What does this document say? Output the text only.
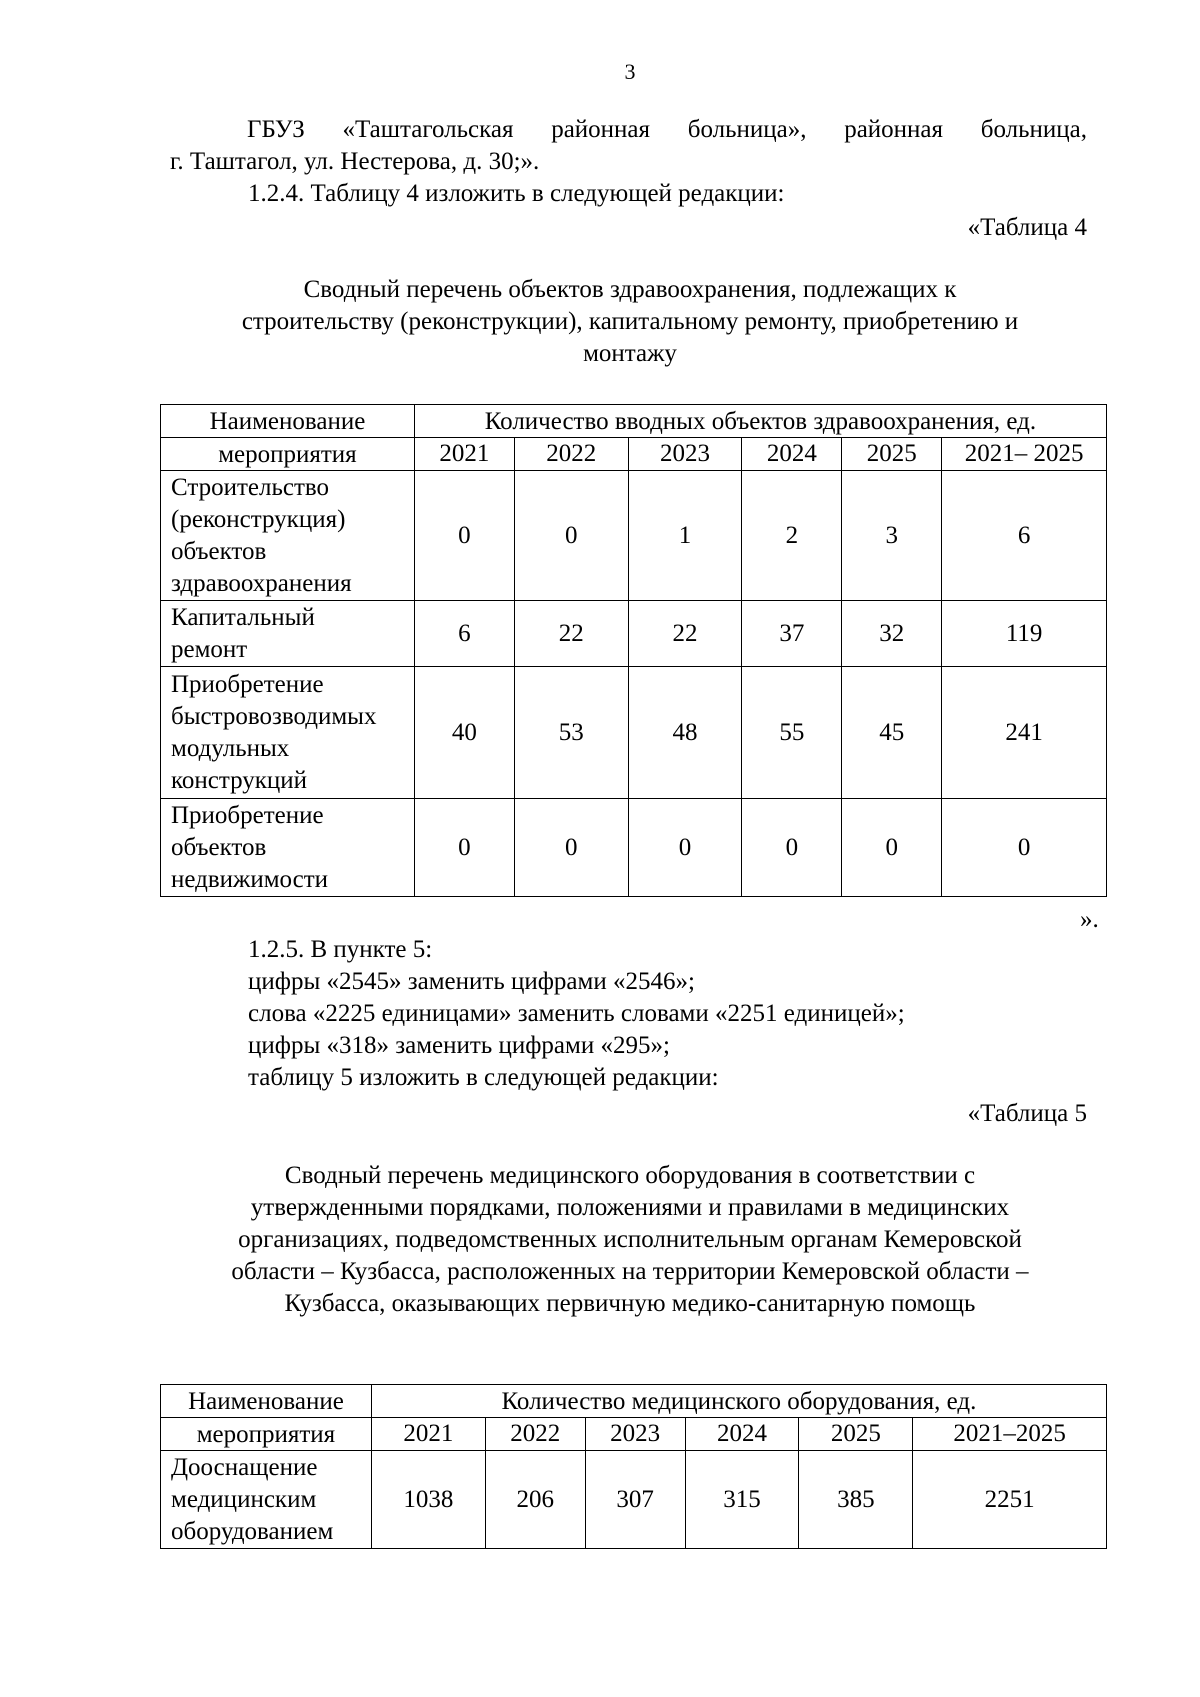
3
ГБУЗ «Таштагольская районная больница», районная больница,
г. Таштагол, ул. Нестерова, д. 30;».
1.2.4. Таблицу 4 изложить в следующей редакции:
«Таблица 4
Сводный перечень объектов здравоохранения, подлежащих к
строительству (реконструкции), капитальному ремонту, приобретению и
монтажу
Наименование	Количество вводных объектов здравоохранения, ед.					
мероприятия	2021	2022	2023	2024	2025	2021– 2025

Строительство
(реконструкция)
объектов
здравоохранения	0	0	1	2	3	6

Капитальный
ремонт	6	22	22	37	32	119

Приобретение
быстровозводимых
модульных
конструкций	40	53	48	55	45	241

Приобретение
объектов
недвижимости	0	0	0	0	0	0
».
1.2.5. В пункте 5:
цифры «2545» заменить цифрами «2546»;
слова «2225 единицами» заменить словами «2251 единицей»;
цифры «318» заменить цифрами «295»;
таблицу 5 изложить в следующей редакции:
«Таблица 5
Сводный перечень медицинского оборудования в соответствии с
утвержденными порядками, положениями и правилами в медицинских
организациях, подведомственных исполнительным органам Кемеровской
области – Кузбасса, расположенных на территории Кемеровской области –
Кузбасса, оказывающих первичную медико-санитарную помощь
Наименование	Количество медицинского оборудования, ед.					
мероприятия	2021	2022	2023	2024	2025	2021–2025

Дооснащение
медицинским
оборудованием	1038	206	307	315	385	2251
